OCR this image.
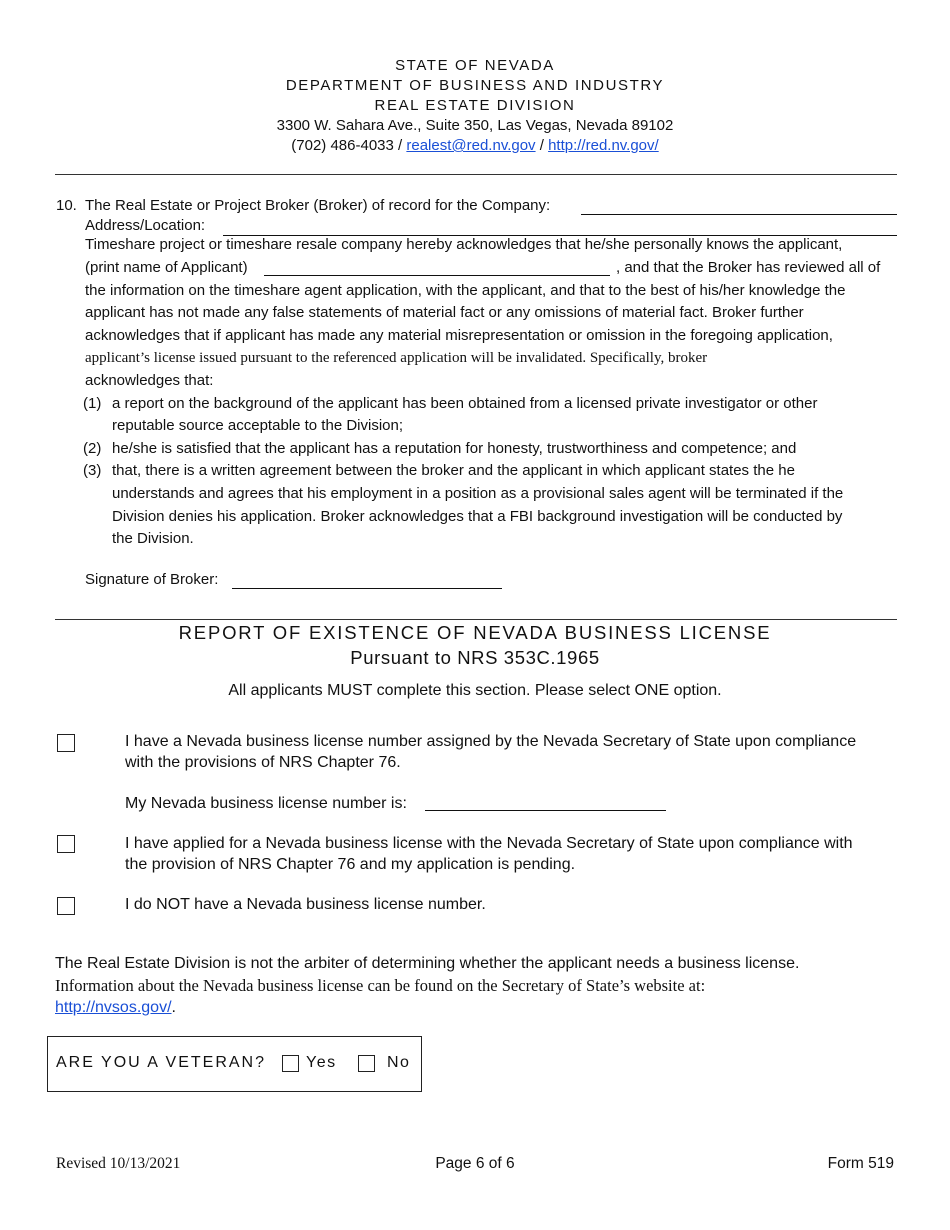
STATE OF NEVADA
DEPARTMENT OF BUSINESS AND INDUSTRY
REAL ESTATE DIVISION
3300 W. Sahara Ave., Suite 350, Las Vegas, Nevada 89102
(702) 486-4033 / realest@red.nv.gov / http://red.nv.gov/
10. The Real Estate or Project Broker (Broker) of record for the Company:
Address/Location:
Timeshare project or timeshare resale company hereby acknowledges that he/she personally knows the applicant,
(print name of Applicant)	, and that the Broker has reviewed all of
the information on the timeshare agent application, with the applicant, and that to the best of his/her knowledge the
applicant has not made any false statements of material fact or any omissions of material fact. Broker further
acknowledges that if applicant has made any material misrepresentation or omission in the foregoing application,
applicant’s license issued pursuant to the referenced application will be invalidated. Specifically, broker
acknowledges that:
(1) a report on the background of the applicant has been obtained from a licensed private investigator or other
reputable source acceptable to the Division;
(2) he/she is satisfied that the applicant has a reputation for honesty, trustworthiness and competence; and
(3) that, there is a written agreement between the broker and the applicant in which applicant states the he
understands and agrees that his employment in a position as a provisional sales agent will be terminated if the
Division denies his application. Broker acknowledges that a FBI background investigation will be conducted by
the Division.
Signature of Broker:
REPORT OF EXISTENCE OF NEVADA BUSINESS LICENSE
Pursuant to NRS 353C.1965
All applicants MUST complete this section. Please select ONE option.
I have a Nevada business license number assigned by the Nevada Secretary of State upon compliance
with the provisions of NRS Chapter 76.
My Nevada business license number is:
I have applied for a Nevada business license with the Nevada Secretary of State upon compliance with
the provision of NRS Chapter 76 and my application is pending.
I do NOT have a Nevada business license number.
The Real Estate Division is not the arbiter of determining whether the applicant needs a business license.
Information about the Nevada business license can be found on the Secretary of State’s website at:
http://nvsos.gov/.
ARE YOU A VETERAN?	Yes	No
Revised 10/13/2021	Page 6 of 6	Form 519
